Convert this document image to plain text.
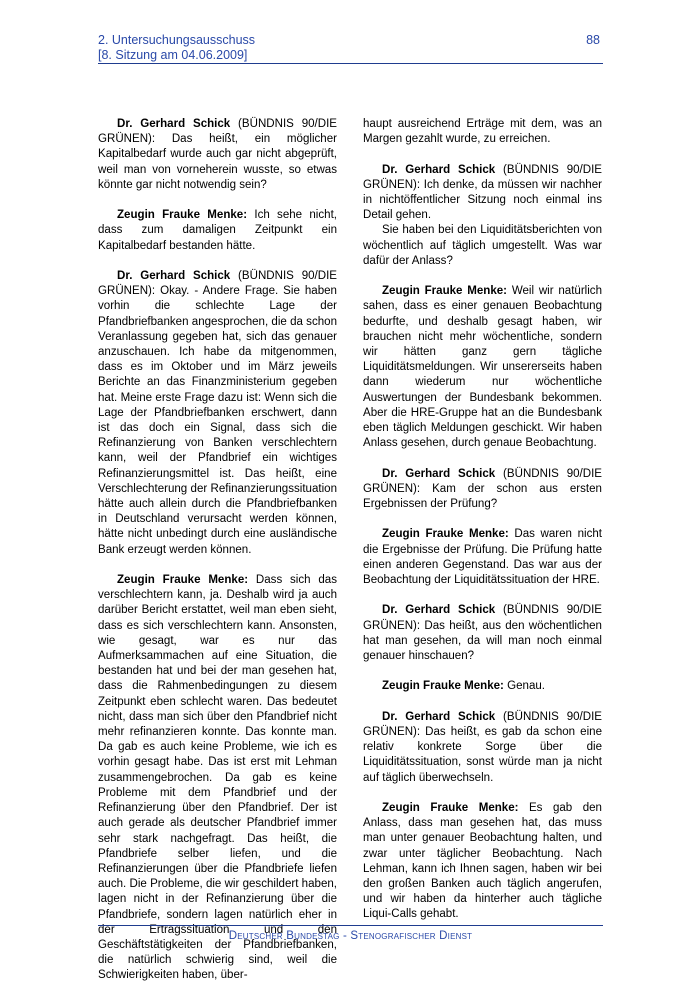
2. Untersuchungsausschuss
[8. Sitzung am 04.06.2009]
88

Dr. Gerhard Schick (BÜNDNIS 90/DIE GRÜNEN): Das heißt, ein möglicher Kapitalbedarf wurde auch gar nicht abgeprüft, weil man von vorneherein wusste, so etwas könnte gar nicht notwendig sein?

Zeugin Frauke Menke: Ich sehe nicht, dass zum damaligen Zeitpunkt ein Kapitalbedarf bestanden hätte.

Dr. Gerhard Schick (BÜNDNIS 90/DIE GRÜNEN): Okay. - Andere Frage. Sie haben vorhin die schlechte Lage der Pfandbriefbanken angesprochen, die da schon Veranlassung gegeben hat, sich das genauer anzuschauen. Ich habe da mitgenommen, dass es im Oktober und im März jeweils Berichte an das Finanzministerium gegeben hat. Meine erste Frage dazu ist: Wenn sich die Lage der Pfandbriefbanken erschwert, dann ist das doch ein Signal, dass sich die Refinanzierung von Banken verschlechtern kann, weil der Pfandbrief ein wichtiges Refinanzierungsmittel ist. Das heißt, eine Verschlechterung der Refinanzierungssituation hätte auch allein durch die Pfandbriefbanken in Deutschland verursacht werden können, hätte nicht unbedingt durch eine ausländische Bank erzeugt werden können.

Zeugin Frauke Menke: Dass sich das verschlechtern kann, ja. Deshalb wird ja auch darüber Bericht erstattet, weil man eben sieht, dass es sich verschlechtern kann. Ansonsten, wie gesagt, war es nur das Aufmerksammachen auf eine Situation, die bestanden hat und bei der man gesehen hat, dass die Rahmenbedingungen zu diesem Zeitpunkt eben schlecht waren. Das bedeutet nicht, dass man sich über den Pfandbrief nicht mehr refinanzieren konnte. Das konnte man. Da gab es auch keine Probleme, wie ich es vorhin gesagt habe. Das ist erst mit Lehman zusammengebrochen. Da gab es keine Probleme mit dem Pfandbrief und der Refinanzierung über den Pfandbrief. Der ist auch gerade als deutscher Pfandbrief immer sehr stark nachgefragt. Das heißt, die Pfandbriefe selber liefen, und die Refinanzierungen über die Pfandbriefe liefen auch. Die Probleme, die wir geschildert haben, lagen nicht in der Refinanzierung über die Pfandbriefe, sondern lagen natürlich eher in der Ertragssituation und den Geschäftstätigkeiten der Pfandbriefbanken, die natürlich schwierig sind, weil die Schwierigkeiten haben, über-

haupt ausreichend Erträge mit dem, was an Margen gezahlt wurde, zu erreichen.

Dr. Gerhard Schick (BÜNDNIS 90/DIE GRÜNEN): Ich denke, da müssen wir nachher in nichtöffentlicher Sitzung noch einmal ins Detail gehen.

Sie haben bei den Liquiditätsberichten von wöchentlich auf täglich umgestellt. Was war dafür der Anlass?

Zeugin Frauke Menke: Weil wir natürlich sahen, dass es einer genauen Beobachtung bedurfte, und deshalb gesagt haben, wir brauchen nicht mehr wöchentliche, sondern wir hätten ganz gern tägliche Liquiditätsmeldungen. Wir unsererseits haben dann wiederum nur wöchentliche Auswertungen der Bundesbank bekommen. Aber die HRE-Gruppe hat an die Bundesbank eben täglich Meldungen geschickt. Wir haben Anlass gesehen, durch genaue Beobachtung.

Dr. Gerhard Schick (BÜNDNIS 90/DIE GRÜNEN): Kam der schon aus ersten Ergebnissen der Prüfung?

Zeugin Frauke Menke: Das waren nicht die Ergebnisse der Prüfung. Die Prüfung hatte einen anderen Gegenstand. Das war aus der Beobachtung der Liquiditätssituation der HRE.

Dr. Gerhard Schick (BÜNDNIS 90/DIE GRÜNEN): Das heißt, aus den wöchentlichen hat man gesehen, da will man noch einmal genauer hinschauen?

Zeugin Frauke Menke: Genau.

Dr. Gerhard Schick (BÜNDNIS 90/DIE GRÜNEN): Das heißt, es gab da schon eine relativ konkrete Sorge über die Liquiditätssituation, sonst würde man ja nicht auf täglich überwechseln.

Zeugin Frauke Menke: Es gab den Anlass, dass man gesehen hat, das muss man unter genauer Beobachtung halten, und zwar unter täglicher Beobachtung. Nach Lehman, kann ich Ihnen sagen, haben wir bei den großen Banken auch täglich angerufen, und wir haben da hinterher auch tägliche Liqui-Calls gehabt.

Deutscher Bundestag - Stenografischer Dienst
